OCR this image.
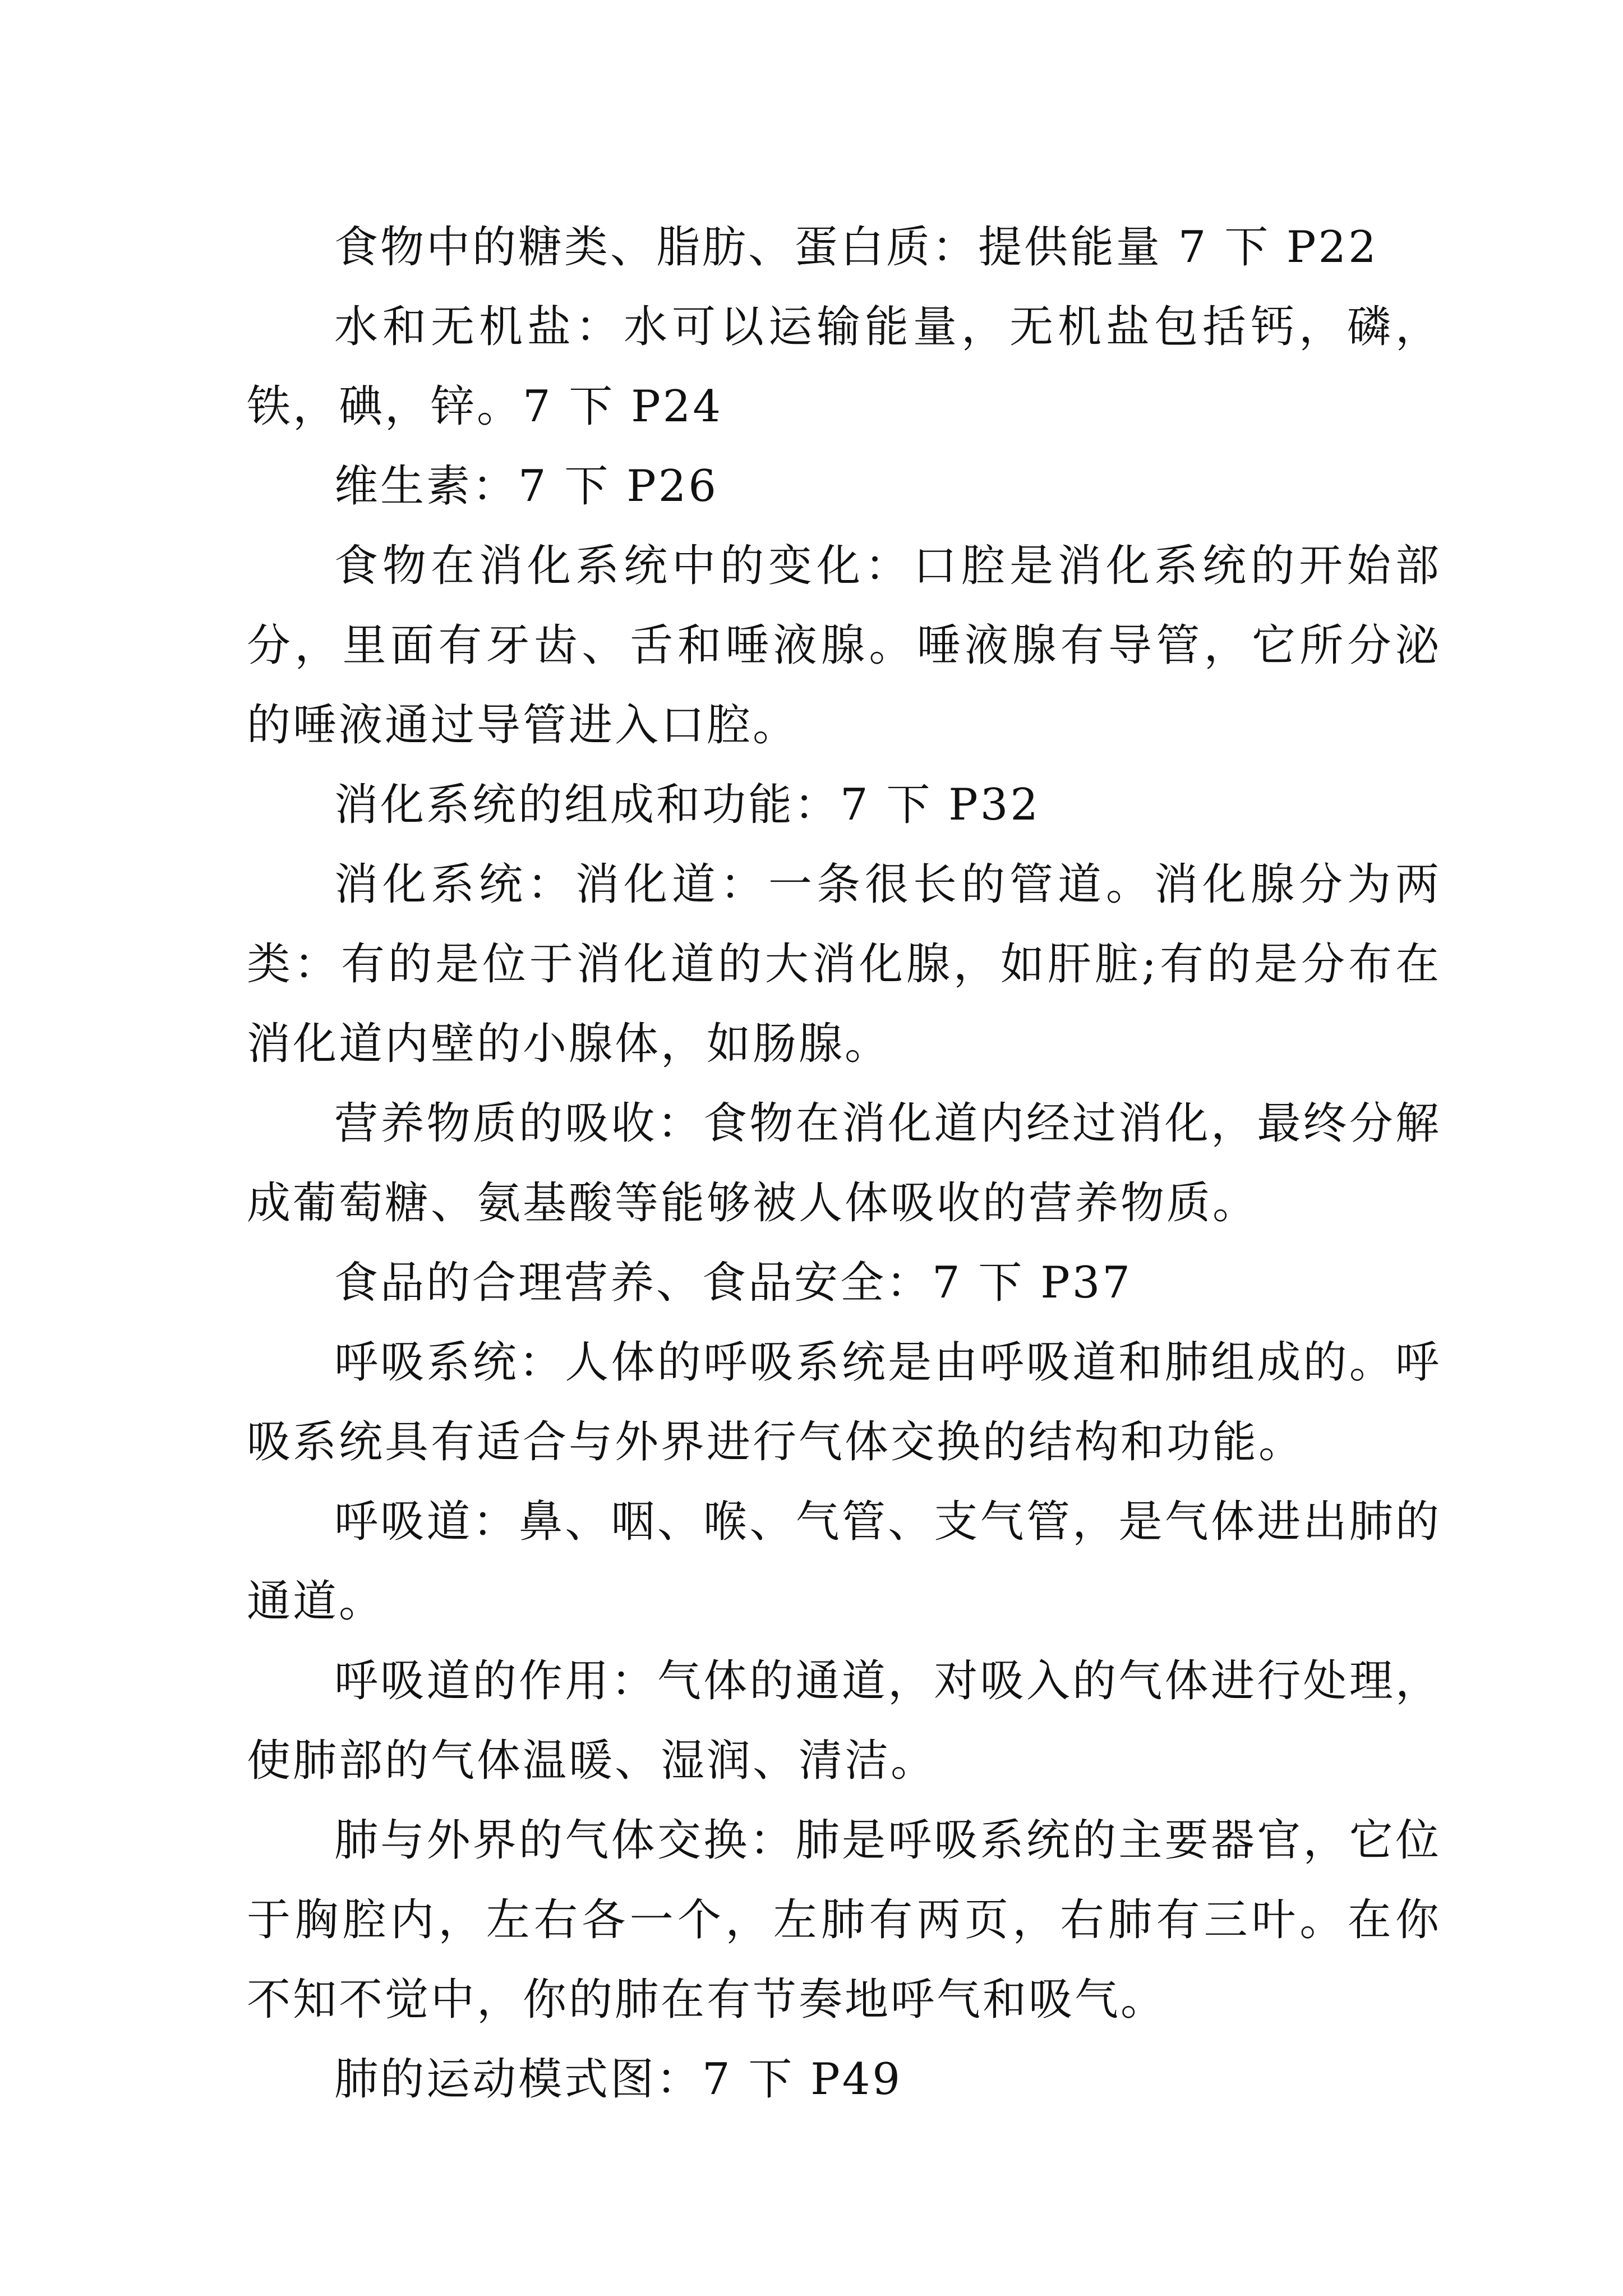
食物中的糖类、脂肪、蛋白质：提供能量 7 下 P22

水和无机盐：水可以运输能量，无机盐包括钙，磷，铁，碘，锌。7 下 P24

维生素：7 下 P26

食物在消化系统中的变化：口腔是消化系统的开始部分，里面有牙齿、舌和唾液腺。唾液腺有导管，它所分泌的唾液通过导管进入口腔。

消化系统的组成和功能：7 下 P32

消化系统：消化道：一条很长的管道。消化腺分为两类：有的是位于消化道的大消化腺，如肝脏;有的是分布在消化道内壁的小腺体，如肠腺。

营养物质的吸收：食物在消化道内经过消化，最终分解成葡萄糖、氨基酸等能够被人体吸收的营养物质。

食品的合理营养、食品安全：7 下 P37

呼吸系统：人体的呼吸系统是由呼吸道和肺组成的。呼吸系统具有适合与外界进行气体交换的结构和功能。

呼吸道：鼻、咽、喉、气管、支气管，是气体进出肺的通道。

呼吸道的作用：气体的通道，对吸入的气体进行处理，使肺部的气体温暖、湿润、清洁。

肺与外界的气体交换：肺是呼吸系统的主要器官，它位于胸腔内，左右各一个，左肺有两页，右肺有三叶。在你不知不觉中，你的肺在有节奏地呼气和吸气。

肺的运动模式图：7 下 P49
